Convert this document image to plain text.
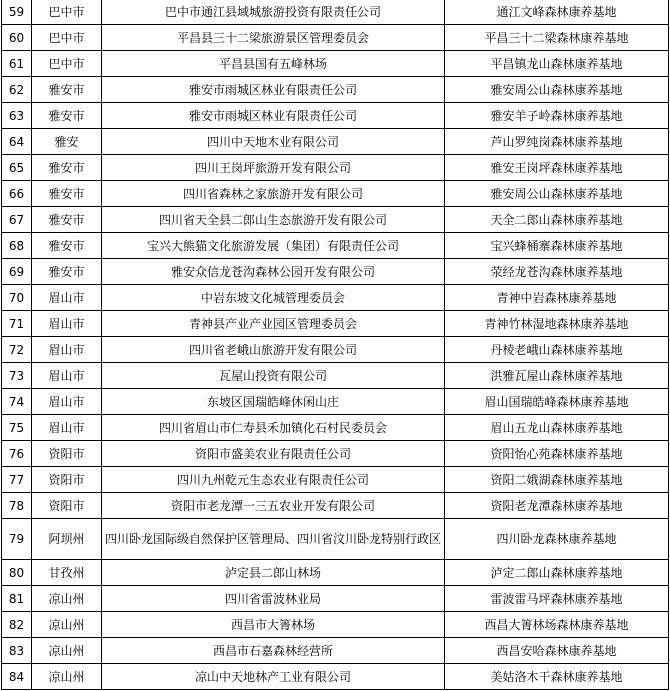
59	巴中市	巴中市通江县域城旅游投资有限责任公司	通江文峰森林康养基地
60	巴中市	平昌县三十二梁旅游景区管理委员会	平昌三十二梁森林康养基地
61	巴中市	平昌县国有五峰林场	平昌镇龙山森林康养基地
62	雅安市	雅安市雨城区林业有限责任公司	雅安周公山森林康养基地
63	雅安市	雅安市雨城区林业有限责任公司	雅安羊子岭森林康养基地
64	雅安	四川中天地木业有限公司	芦山罗纯岗森林康养基地
65	雅安市	四川王岗坪旅游开发有限公司	雅安王岗坪森林康养基地
66	雅安市	四川省森林之家旅游开发有限公司	雅安周公山森林康养基地
67	雅安市	四川省天全县二郎山生态旅游开发有限公司	天全二郎山森林康养基地
68	雅安市	宝兴大熊猫文化旅游发展（集团）有限责任公司	宝兴蜂桶寨森林康养基地
69	雅安市	雅安众信龙苍沟森林公园开发有限公司	荥经龙苍沟森林康养基地
70	眉山市	中岩东坡文化城管理委员会	青神中岩森林康养基地
71	眉山市	青神县产业产业园区管理委员会	青神竹林湿地森林康养基地
72	眉山市	四川省老峨山旅游开发有限公司	丹棱老峨山森林康养基地
73	眉山市	瓦屋山投资有限公司	洪雅瓦屋山森林康养基地
74	眉山市	东坡区国瑞皓峰休闲山庄	眉山国瑞皓峰森林康养基地
75	眉山市	四川省眉山市仁寿县禾加镇化石村民委员会	眉山五龙山森林康养基地
76	资阳市	资阳市盛美农业有限责任公司	资阳怡心苑森林康养基地
77	资阳市	四川九州乾元生态农业有限责任公司	资阳二娥湖森林康养基地
78	资阳市	资阳市老龙潭一三五农业开发有限公司	资阳老龙潭森林康养基地
79	阿坝州	四川卧龙国际级自然保护区管理局、四川省汶川卧龙特别行政区	四川卧龙森林康养基地
80	甘孜州	泸定县二郎山林场	泸定二郎山森林康养基地
81	凉山州	四川省雷波林业局	雷波雷马坪森林康养基地
82	凉山州	西昌市大箐林场	西昌大箐林场森林康养基地
83	凉山州	西昌市石嘉森林经营所	西昌安哈森林康养基地
84	凉山州	凉山中天地林产工业有限公司	美姑洛木干森林康养基地
